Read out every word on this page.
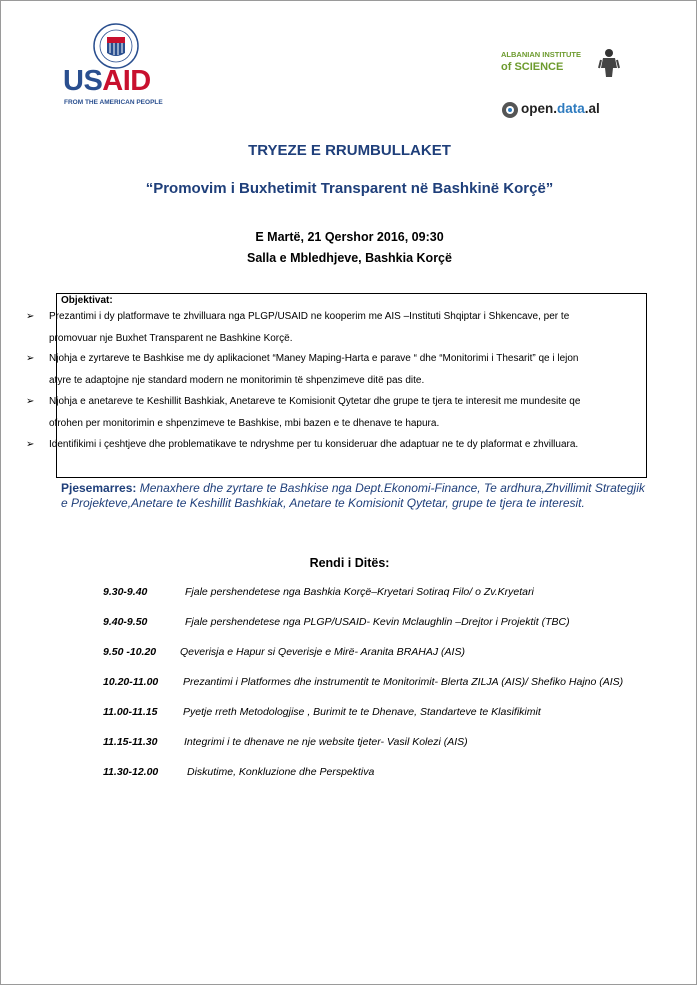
USAID
FROM THE AMERICAN PEOPLE
ALBANIAN INSTITUTE
of SCIENCE
open.data.al
TRYEZE E RRUMBULLAKET
“Promovim i Buxhetimit Transparent në Bashkinë Korçë”
E Martë, 21 Qershor 2016, 09:30
Salla e Mbledhjeve, Bashkia Korçë
Objektivat:
➢	Prezantimi i dy platformave te zhvilluara nga PLGP/USAID ne kooperim me AIS –Instituti Shqiptar i Shkencave, per te promovuar nje Buxhet Transparent ne Bashkine Korçë.
➢	Njohja e zyrtareve te Bashkise me dy aplikacionet “Maney Maping-Harta e parave “ dhe “Monitorimi i Thesarit” qe i lejon atyre te adaptojne nje standard modern ne monitorimin të shpenzimeve ditë pas dite.
➢	Njohja e anetareve te Keshillit Bashkiak, Anetareve te Komisionit Qytetar dhe grupe te tjera te interesit me mundesite qe ofrohen per monitorimin e shpenzimeve te Bashkise, mbi bazen e te dhenave te hapura.
➢	Identifikimi i çeshtjeve dhe problematikave te ndryshme per tu konsideruar dhe adaptuar ne te dy plaformat e zhvilluara.
Pjesemarres: Menaxhere dhe zyrtare te Bashkise nga Dept.Ekonomi-Finance, Te ardhura,Zhvillimit Strategjik e Projekteve,Anetare te Keshillit Bashkiak, Anetare te Komisionit Qytetar, grupe te tjera te interesit.
Rendi i Ditës:
9.30-9.40	Fjale pershendetese nga Bashkia Korçë–Kryetari Sotiraq Filo/ o Zv.Kryetari
9.40-9.50	Fjale pershendetese nga PLGP/USAID- Kevin Mclaughlin –Drejtor i Projektit (TBC)
9.50 -10.20 Qeverisja e Hapur si Qeverisje e Mirë- Aranita BRAHAJ (AIS)
10.20-11.00 Prezantimi i Platformes dhe instrumentit te Monitorimit- Blerta ZILJA (AIS)/ Shefiko Hajno (AIS)
11.00-11.15 Pyetje rreth Metodologjise , Burimit te te Dhenave, Standarteve te Klasifikimit
11.15-11.30	Integrimi i te dhenave ne nje website tjeter- Vasil Kolezi (AIS)
11.30-12.00	Diskutime, Konkluzione dhe Perspektiva
